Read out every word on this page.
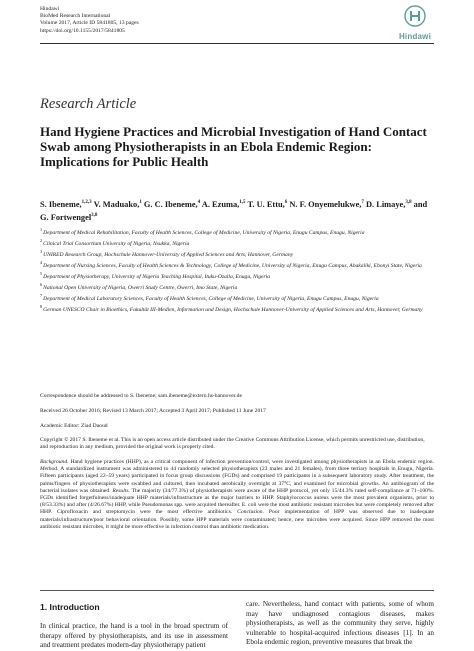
Hindawi
BioMed Research International
Volume 2017, Article ID 5841805, 13 pages
https://doi.org/10.1155/2017/5841805
Hindawi
Research Article
Hand Hygiene Practices and Microbial Investigation of Hand Contact Swab among Physiotherapists in an Ebola Endemic Region: Implications for Public Health
S. Ibeneme,$^{1,2,3}$ V. Maduako,$^1$ G. C. Ibeneme,$^4$ A. Ezuma,$^{1,5}$ T. U. Ettu,$^6$ N. F. Onyemelukwe,$^7$ D. Limaye,$^{3,8}$ and G. Fortwengel$^{3,8}$

$^1$Department of Medical Rehabilitation, Faculty of Health Sciences, College of Medicine, University of Nigeria, Enugu Campus, Enugu, Nigeria

$^2$Clinical Trial Consortium University of Nigeria, Nsukka, Nigeria

$^3$UNIRED Research Group, Hochschule Hannover-University of Applied Sciences and Arts, Hannover, Germany

$^4$Department of Nursing Sciences, Faculty of Health Sciences & Technology, College of Medicine, University of Nigeria, Enugu Campus, Abakaliki, Ebonyi State, Nigeria

$^5$Department of Physiotherapy, University of Nigeria Teaching Hospital, Ituku-Ozalla, Enugu, Nigeria

$^6$National Open University of Nigeria, Owerri Study Centre, Owerri, Imo State, Nigeria

$^7$Department of Medical Laboratory Sciences, Faculty of Health Sciences, College of Medicine, University of Nigeria, Enugu Campus, Enugu, Nigeria

$^8$German UNESCO Chair in Bioethics, Fakultät III-Medien, Information und Design, Hochschule Hannover-University of Applied Sciences and Arts, Hannover, Germany

Correspondence should be addressed to S. Ibeneme; sam.ibeneme@extern.hs-hannover.de
Received 26 October 2016; Revised 13 March 2017; Accepted 3 April 2017; Published 11 June 2017
Academic Editor: Ziad Daoud
Copyright © 2017 S. Ibeneme et al. This is an open access article distributed under the Creative Commons Attribution License, which permits unrestricted use, distribution, and reproduction in any medium, provided the original work is properly cited.
Background. Hand hygiene practices (HHP), as a critical component of infection prevention/control, were investigated among physiotherapists in an Ebola endemic region. Method. A standardized instrument was administered to 44 randomly selected physiotherapists (23 males and 21 females), from three tertiary hospitals in Enugu, Nigeria. Fifteen participants (aged 22–59 years) participated in focus group discussions (FGDs) and comprised 19 participants in a subsequent laboratory study. After treatment, the palms/fingers of physiotherapists were swabbed and cultured, then incubated aerobically overnight at 37°C, and examined for microbial growths. An antibiogram of the bacterial isolates was obtained. Results. The majority (34/77.3%) of physiotherapists were aware of the HHP protocol, yet only 15/44.3% rated self-compliance at 71–100%. FGDs identified forgetfulness/inadequate HHP materials/infrastructure as the major barriers to HHP. Staphylococcus aureus were the most prevalent organisms, prior to (8/53.33%) and after (4/26.67%) HHP, while Pseudomonas spp. were acquired thereafter. E. coli were the most antibiotic resistant microbes but were completely removed after HHP. Ciprofloxacin and streptomycin were the most effective antibiotics. Conclusion. Poor implementation of HPP was observed due to inadequate materials/infrastructure/poor behavioral orientation. Possibly, some HPP materials were contaminated; hence, new microbes were acquired. Since HPP removed the most antibiotic resistant microbes, it might be more effective in infection control than antibiotic medication.
1. Introduction
In clinical practice, the hand is a tool in the broad spectrum of therapy offered by physiotherapists, and its use in assessment and treatment predates modern-day physiotherapy patient
care. Nevertheless, hand contact with patients, some of whom may have undiagnosed contagious diseases, makes physiotherapists, as well as the community they serve, highly vulnerable to hospital-acquired infectious diseases [1]. In an Ebola endemic region, preventive measures that break the
